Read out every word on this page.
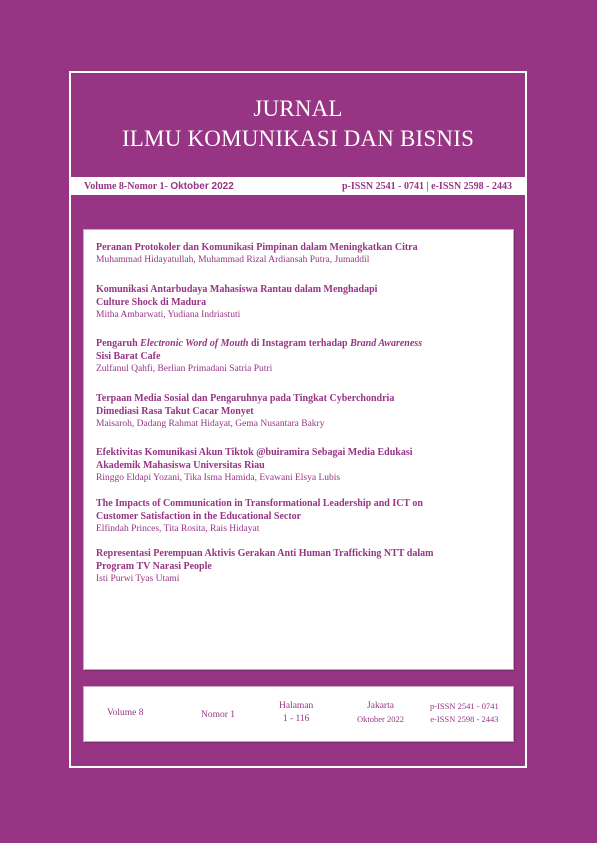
JURNAL
ILMU KOMUNIKASI DAN BISNIS
Volume 8-Nomor 1- Oktober 2022	p-ISSN 2541 - 0741 | e-ISSN 2598 - 2443
Peranan Protokoler dan Komunikasi Pimpinan dalam Meningkatkan Citra
Muhammad Hidayatullah, Muhammad Rizal Ardiansah Putra, Jumaddil
Komunikasi Antarbudaya Mahasiswa Rantau dalam Menghadapi
Culture Shock di Madura
Mitha Ambarwati, Yudiana Indriastuti
Pengaruh Electronic Word of Mouth di Instagram terhadap Brand Awareness
Sisi Barat Cafe
Zulfanul Qahfi, Berlian Primadani Satria Putri
Terpaan Media Sosial dan Pengaruhnya pada Tingkat Cyberchondria
Dimediasi Rasa Takut Cacar Monyet
Maisaroh, Dadang Rahmat Hidayat, Gema Nusantara Bakry
Efektivitas Komunikasi Akun Tiktok @buiramira Sebagai Media Edukasi
Akademik Mahasiswa Universitas Riau
Ringgo Eldapi Yozani, Tika Isma Hamida, Evawani Elsya Lubis
The Impacts of Communication in Transformational Leadership and ICT on
Customer Satisfaction in the Educational Sector
Elfindah Princes, Tita Rosita, Rais Hidayat
Representasi Perempuan Aktivis Gerakan Anti Human Trafficking NTT dalam
Program TV Narasi People
Isti Purwi Tyas Utami
Volume 8	Nomor 1
Halaman
1 - 116
Jakarta
Oktober 2022
p-ISSN 2541 - 0741
e-ISSN 2598 - 2443
